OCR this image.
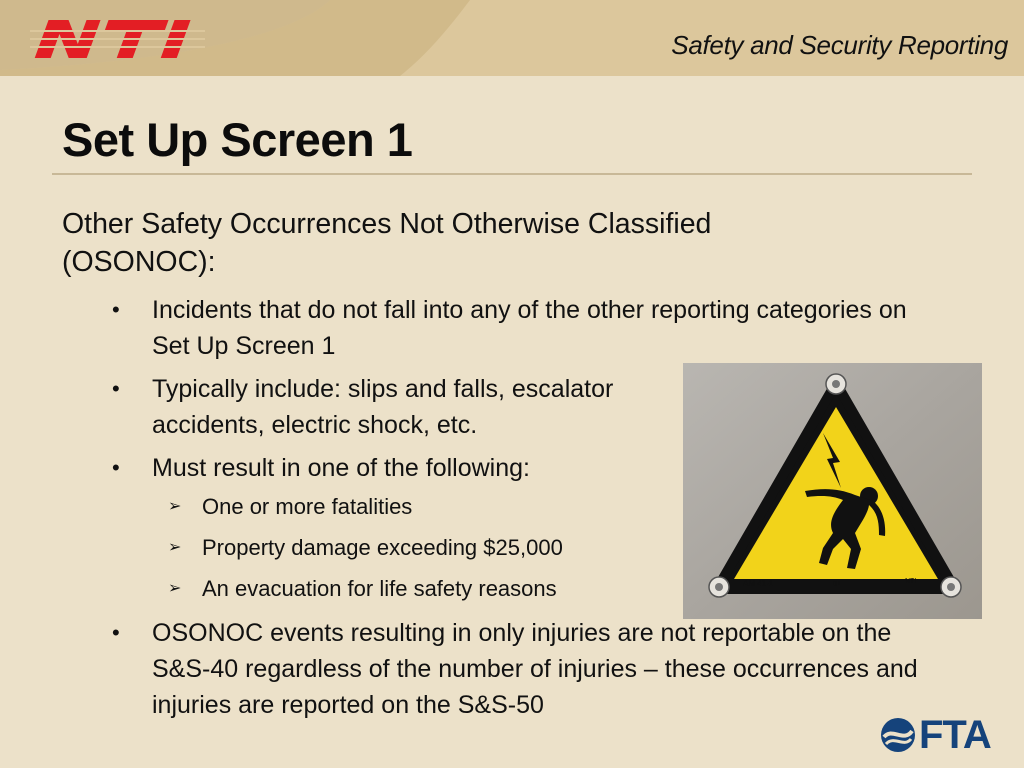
NTI
Safety and Security Reporting
Set Up Screen 1
Other Safety Occurrences Not Otherwise Classified (OSONOC):
• Incidents that do not fall into any of the other reporting categories on Set Up Screen 1
• Typically include: slips and falls, escalator accidents, electric shock, etc.
• Must result in one of the following:
➢ One or more fatalities
➢ Property damage exceeding $25,000
➢ An evacuation for life safety reasons
• OSONOC events resulting in only injuries are not reportable on the S&S-40 regardless of the number of injuries – these occurrences and injuries are reported on the S&S-50
AM 41-1	01	NTI
FTA
